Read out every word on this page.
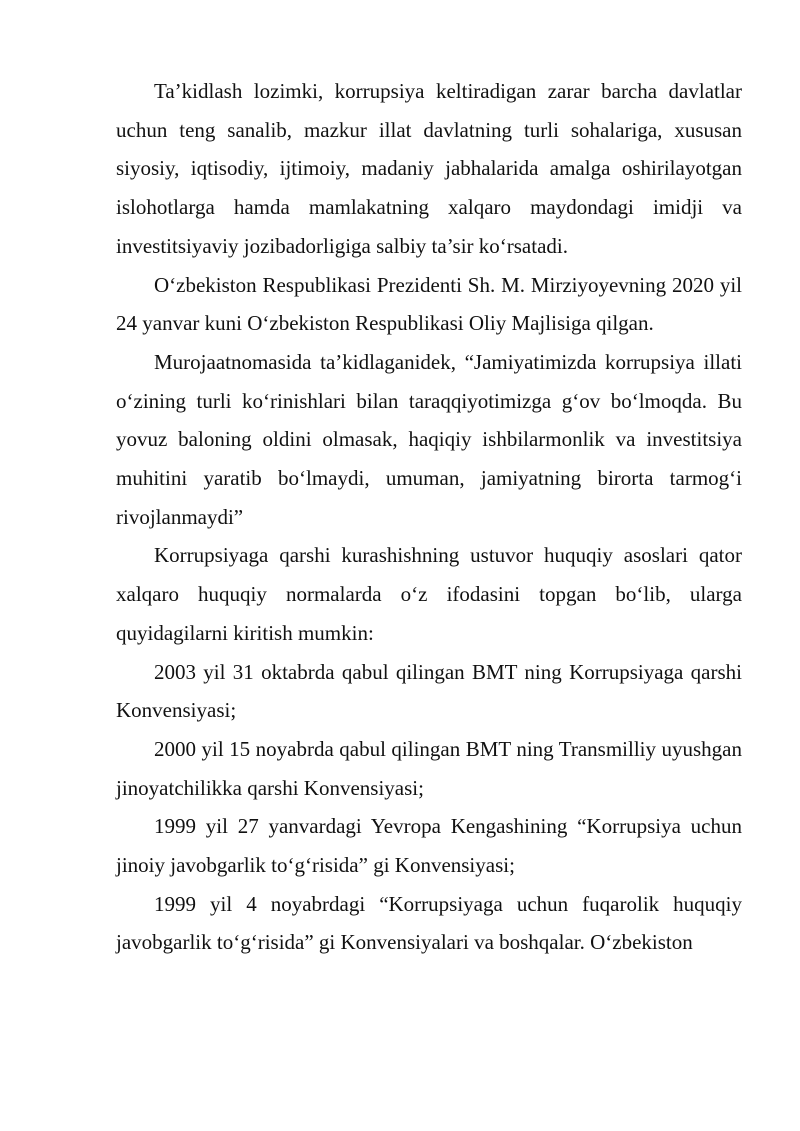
Ta’kidlash lozimki, korrupsiya keltiradigan zarar barcha davlatlar uchun teng sanalib, mazkur illat davlatning turli sohalariga, xususan siyosiy, iqtisodiy, ijtimoiy, madaniy jabhalarida amalga oshirilayotgan islohotlarga hamda mamlakatning xalqaro maydondagi imidji va investitsiyaviy jozibadorligiga salbiy ta’sir ko‘rsatadi.

O‘zbekiston Respublikasi Prezidenti Sh. M. Mirziyoyevning 2020 yil 24 yanvar kuni O‘zbekiston Respublikasi Oliy Majlisiga qilgan.

Murojaatnomasida ta’kidlaganidek, “Jamiyatimizda korrupsiya illati o‘zining turli ko‘rinishlari bilan taraqqiyotimizga g‘ov bo‘lmoqda. Bu yovuz baloning oldini olmasak, haqiqiy ishbilarmonlik va investitsiya muhitini yaratib bo‘lmaydi, umuman, jamiyatning birorta tarmog‘i rivojlanmaydi”

Korrupsiyaga qarshi kurashishning ustuvor huquqiy asoslari qator xalqaro huquqiy normalarda o‘z ifodasini topgan bo‘lib, ularga quyidagilarni kiritish mumkin:

2003 yil 31 oktabrda qabul qilingan BMT ning Korrupsiyaga qarshi Konvensiyasi;

2000 yil 15 noyabrda qabul qilingan BMT ning Transmilliy uyushgan jinoyatchilikka qarshi Konvensiyasi;

1999 yil 27 yanvardagi Yevropa Kengashining “Korrupsiya uchun jinoiy javobgarlik to‘g‘risida” gi Konvensiyasi;

1999 yil 4 noyabrdagi “Korrupsiyaga uchun fuqarolik huquqiy javobgarlik to‘g‘risida” gi Konvensiyalari va boshqalar. O‘zbekiston
